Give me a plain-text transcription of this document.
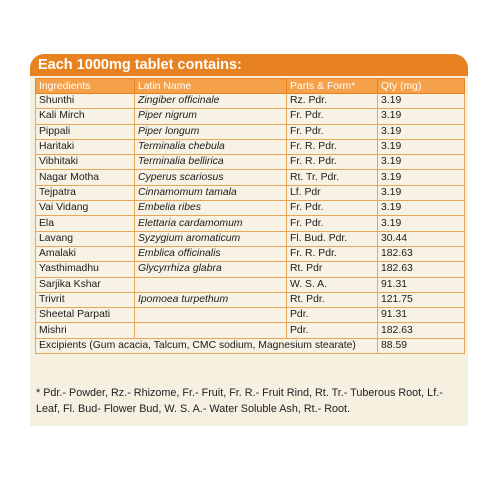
Each 1000mg tablet contains:
Ingredients	Latin Name	Parts & Form*	Qty (mg)
Shunthi	Zingiber officinale	Rz. Pdr.	3.19
Kali Mirch	Piper nigrum	Fr. Pdr.	3.19
Pippali	Piper longum	Fr. Pdr.	3.19
Haritaki	Terminalia chebula	Fr. R. Pdr.	3.19
Vibhitaki	Terminalia bellirica	Fr. R. Pdr.	3.19
Nagar Motha	Cyperus scariosus	Rt. Tr. Pdr.	3.19
Tejpatra	Cinnamomum tamala	Lf. Pdr	3.19
Vai Vidang	Embelia ribes	Fr. Pdr.	3.19
Ela	Elettaria cardamomum	Fr. Pdr.	3.19
Lavang	Syzygium aromaticum	Fl. Bud. Pdr.	30.44
Amalaki	Emblica officinalis	Fr. R. Pdr.	182.63
Yasthimadhu	Glycyrrhiza glabra	Rt. Pdr	182.63
Sarjika Kshar		W. S. A.	91.31
Trivrit	Ipomoea turpethum	Rt. Pdr.	121.75
Sheetal Parpati		Pdr.	91.31
Mishri		Pdr.	182.63
Excipients (Gum acacia, Talcum, CMC sodium, Magnesium stearate)			88.59
* Pdr.- Powder, Rz.- Rhizome, Fr.- Fruit, Fr. R.- Fruit Rind, Rt. Tr.- Tuberous Root, Lf.- Leaf, Fl. Bud- Flower Bud, W. S. A.- Water Soluble Ash, Rt.- Root.
